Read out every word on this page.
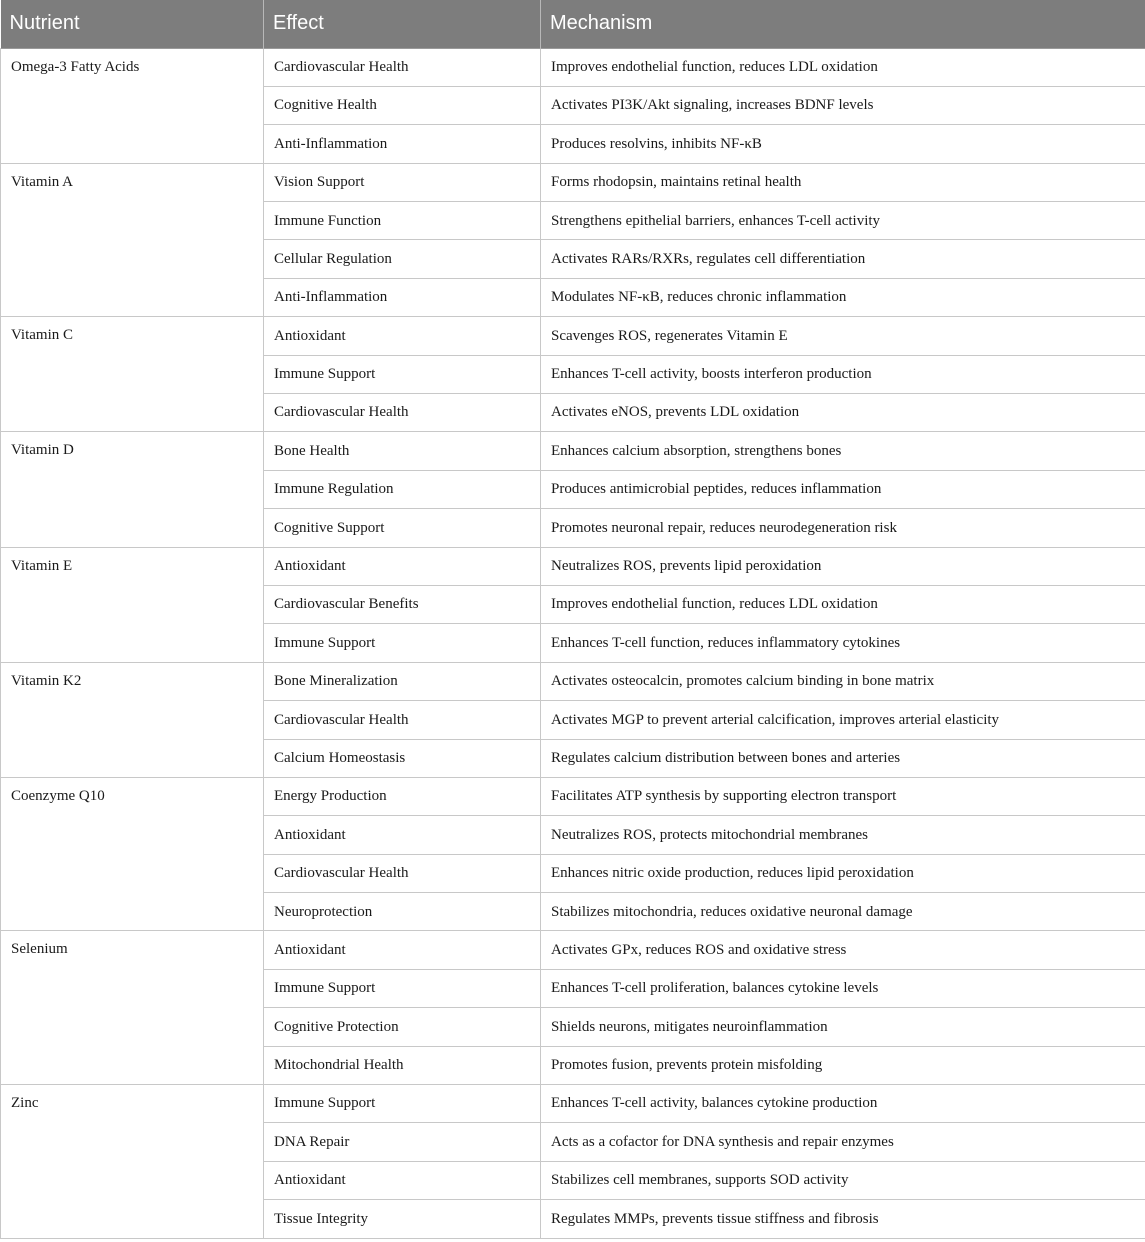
Nutrient	Effect	Mechanism
Omega-3 Fatty Acids	Cardiovascular Health	Improves endothelial function, reduces LDL oxidation
	Cognitive Health	Activates PI3K/Akt signaling, increases BDNF levels
	Anti-Inflammation	Produces resolvins, inhibits NF-κB
Vitamin A	Vision Support	Forms rhodopsin, maintains retinal health
	Immune Function	Strengthens epithelial barriers, enhances T-cell activity
	Cellular Regulation	Activates RARs/RXRs, regulates cell differentiation
	Anti-Inflammation	Modulates NF-κB, reduces chronic inflammation
Vitamin C	Antioxidant	Scavenges ROS, regenerates Vitamin E
	Immune Support	Enhances T-cell activity, boosts interferon production
	Cardiovascular Health	Activates eNOS, prevents LDL oxidation
Vitamin D	Bone Health	Enhances calcium absorption, strengthens bones
	Immune Regulation	Produces antimicrobial peptides, reduces inflammation
	Cognitive Support	Promotes neuronal repair, reduces neurodegeneration risk
Vitamin E	Antioxidant	Neutralizes ROS, prevents lipid peroxidation
	Cardiovascular Benefits	Improves endothelial function, reduces LDL oxidation
	Immune Support	Enhances T-cell function, reduces inflammatory cytokines
Vitamin K2	Bone Mineralization	Activates osteocalcin, promotes calcium binding in bone matrix
	Cardiovascular Health	Activates MGP to prevent arterial calcification, improves arterial elasticity
	Calcium Homeostasis	Regulates calcium distribution between bones and arteries
Coenzyme Q10	Energy Production	Facilitates ATP synthesis by supporting electron transport
	Antioxidant	Neutralizes ROS, protects mitochondrial membranes
	Cardiovascular Health	Enhances nitric oxide production, reduces lipid peroxidation
	Neuroprotection	Stabilizes mitochondria, reduces oxidative neuronal damage
Selenium	Antioxidant	Activates GPx, reduces ROS and oxidative stress
	Immune Support	Enhances T-cell proliferation, balances cytokine levels
	Cognitive Protection	Shields neurons, mitigates neuroinflammation
	Mitochondrial Health	Promotes fusion, prevents protein misfolding
Zinc	Immune Support	Enhances T-cell activity, balances cytokine production
	DNA Repair	Acts as a cofactor for DNA synthesis and repair enzymes
	Antioxidant	Stabilizes cell membranes, supports SOD activity
	Tissue Integrity	Regulates MMPs, prevents tissue stiffness and fibrosis
